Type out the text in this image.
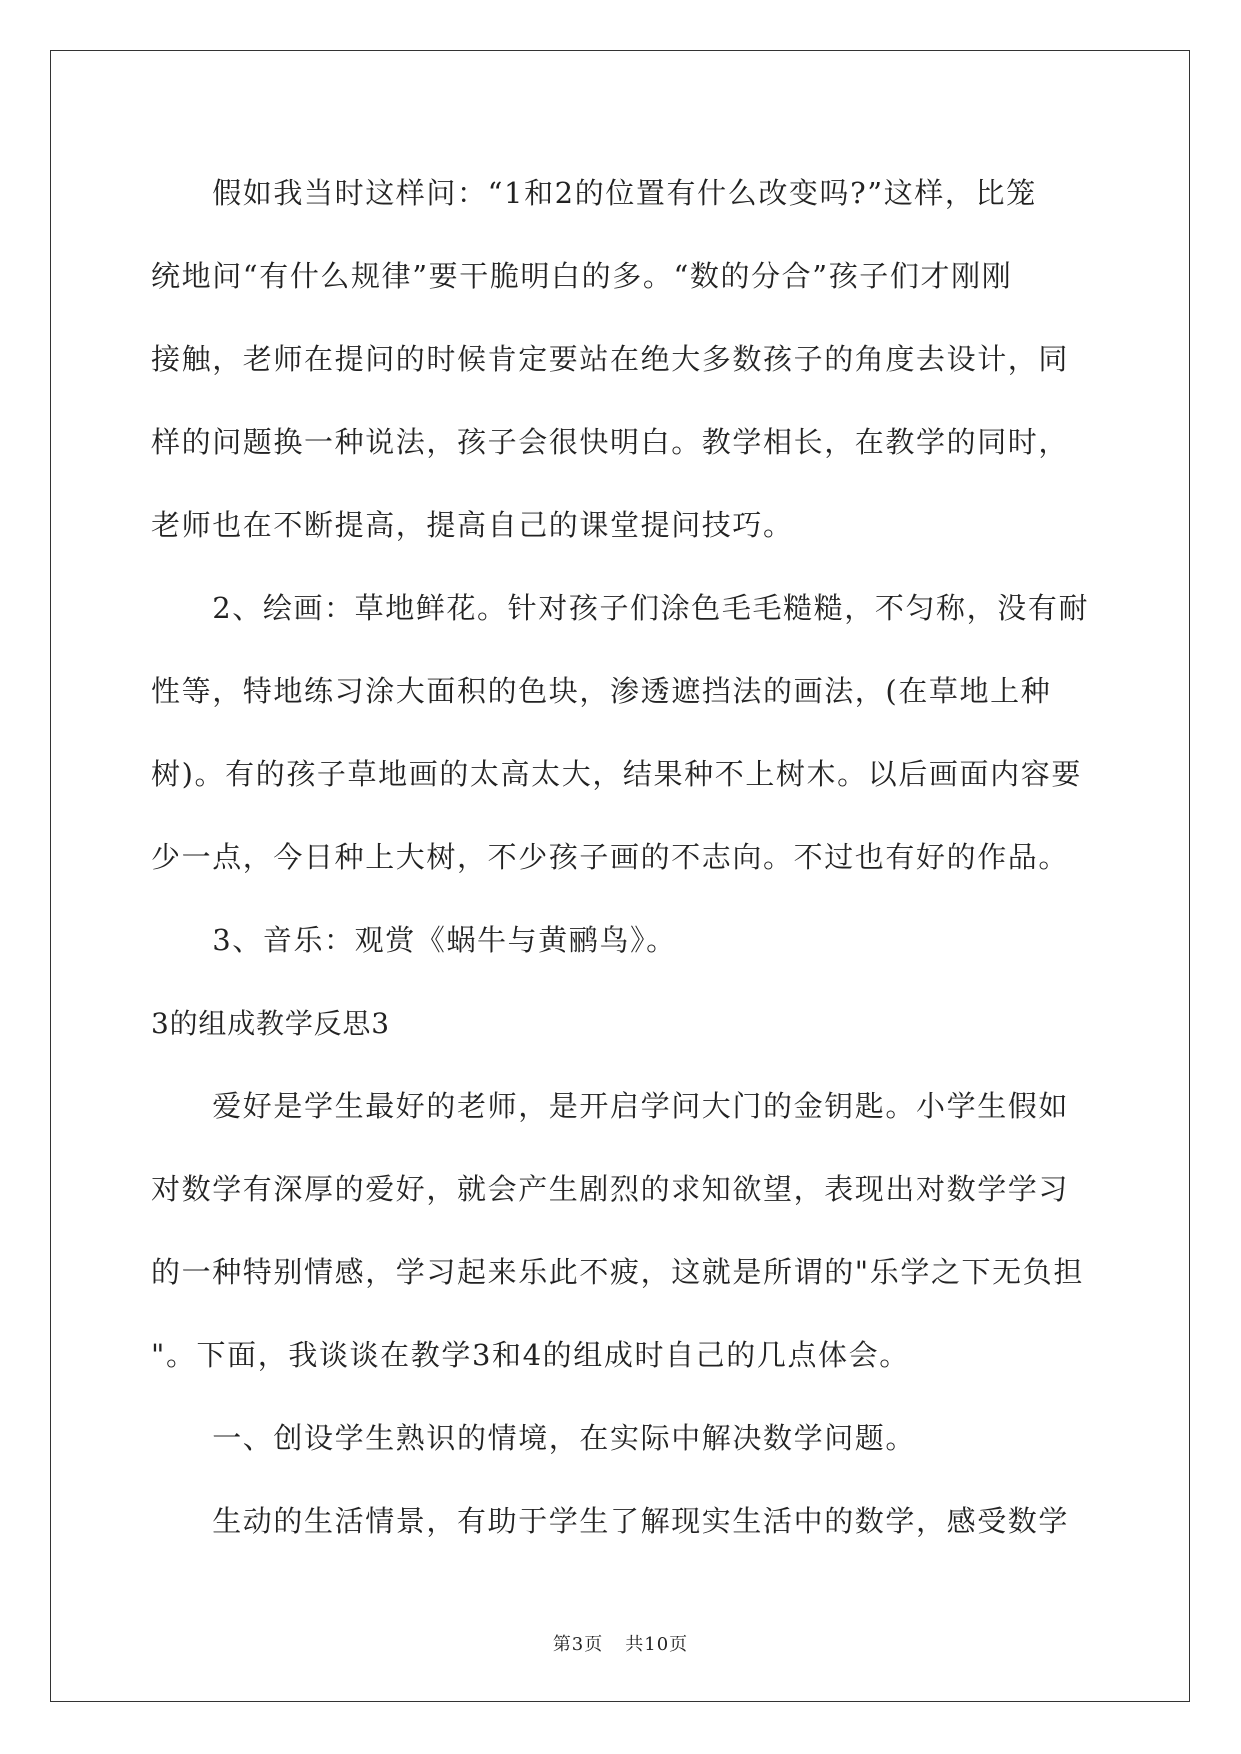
　　假如我当时这样问：“1和2的位置有什么改变吗?”这样，比笼
统地问“有什么规律”要干脆明白的多。“数的分合”孩子们才刚刚
接触，老师在提问的时候肯定要站在绝大多数孩子的角度去设计，同
样的问题换一种说法，孩子会很快明白。教学相长，在教学的同时，
老师也在不断提高，提高自己的课堂提问技巧。
　　2、绘画：草地鲜花。针对孩子们涂色毛毛糙糙，不匀称，没有耐
性等，特地练习涂大面积的色块，渗透遮挡法的画法，(在草地上种
树)。有的孩子草地画的太高太大，结果种不上树木。以后画面内容要
少一点，今日种上大树，不少孩子画的不志向。不过也有好的作品。
　　3、音乐：观赏《蜗牛与黄鹂鸟》。
3的组成教学反思3
　　爱好是学生最好的老师，是开启学问大门的金钥匙。小学生假如
对数学有深厚的爱好，就会产生剧烈的求知欲望，表现出对数学学习
的一种特别情感，学习起来乐此不疲，这就是所谓的"乐学之下无负担
"。下面，我谈谈在教学3和4的组成时自己的几点体会。
　　一、创设学生熟识的情境，在实际中解决数学问题。
　　生动的生活情景，有助于学生了解现实生活中的数学，感受数学
第3页 共10页
